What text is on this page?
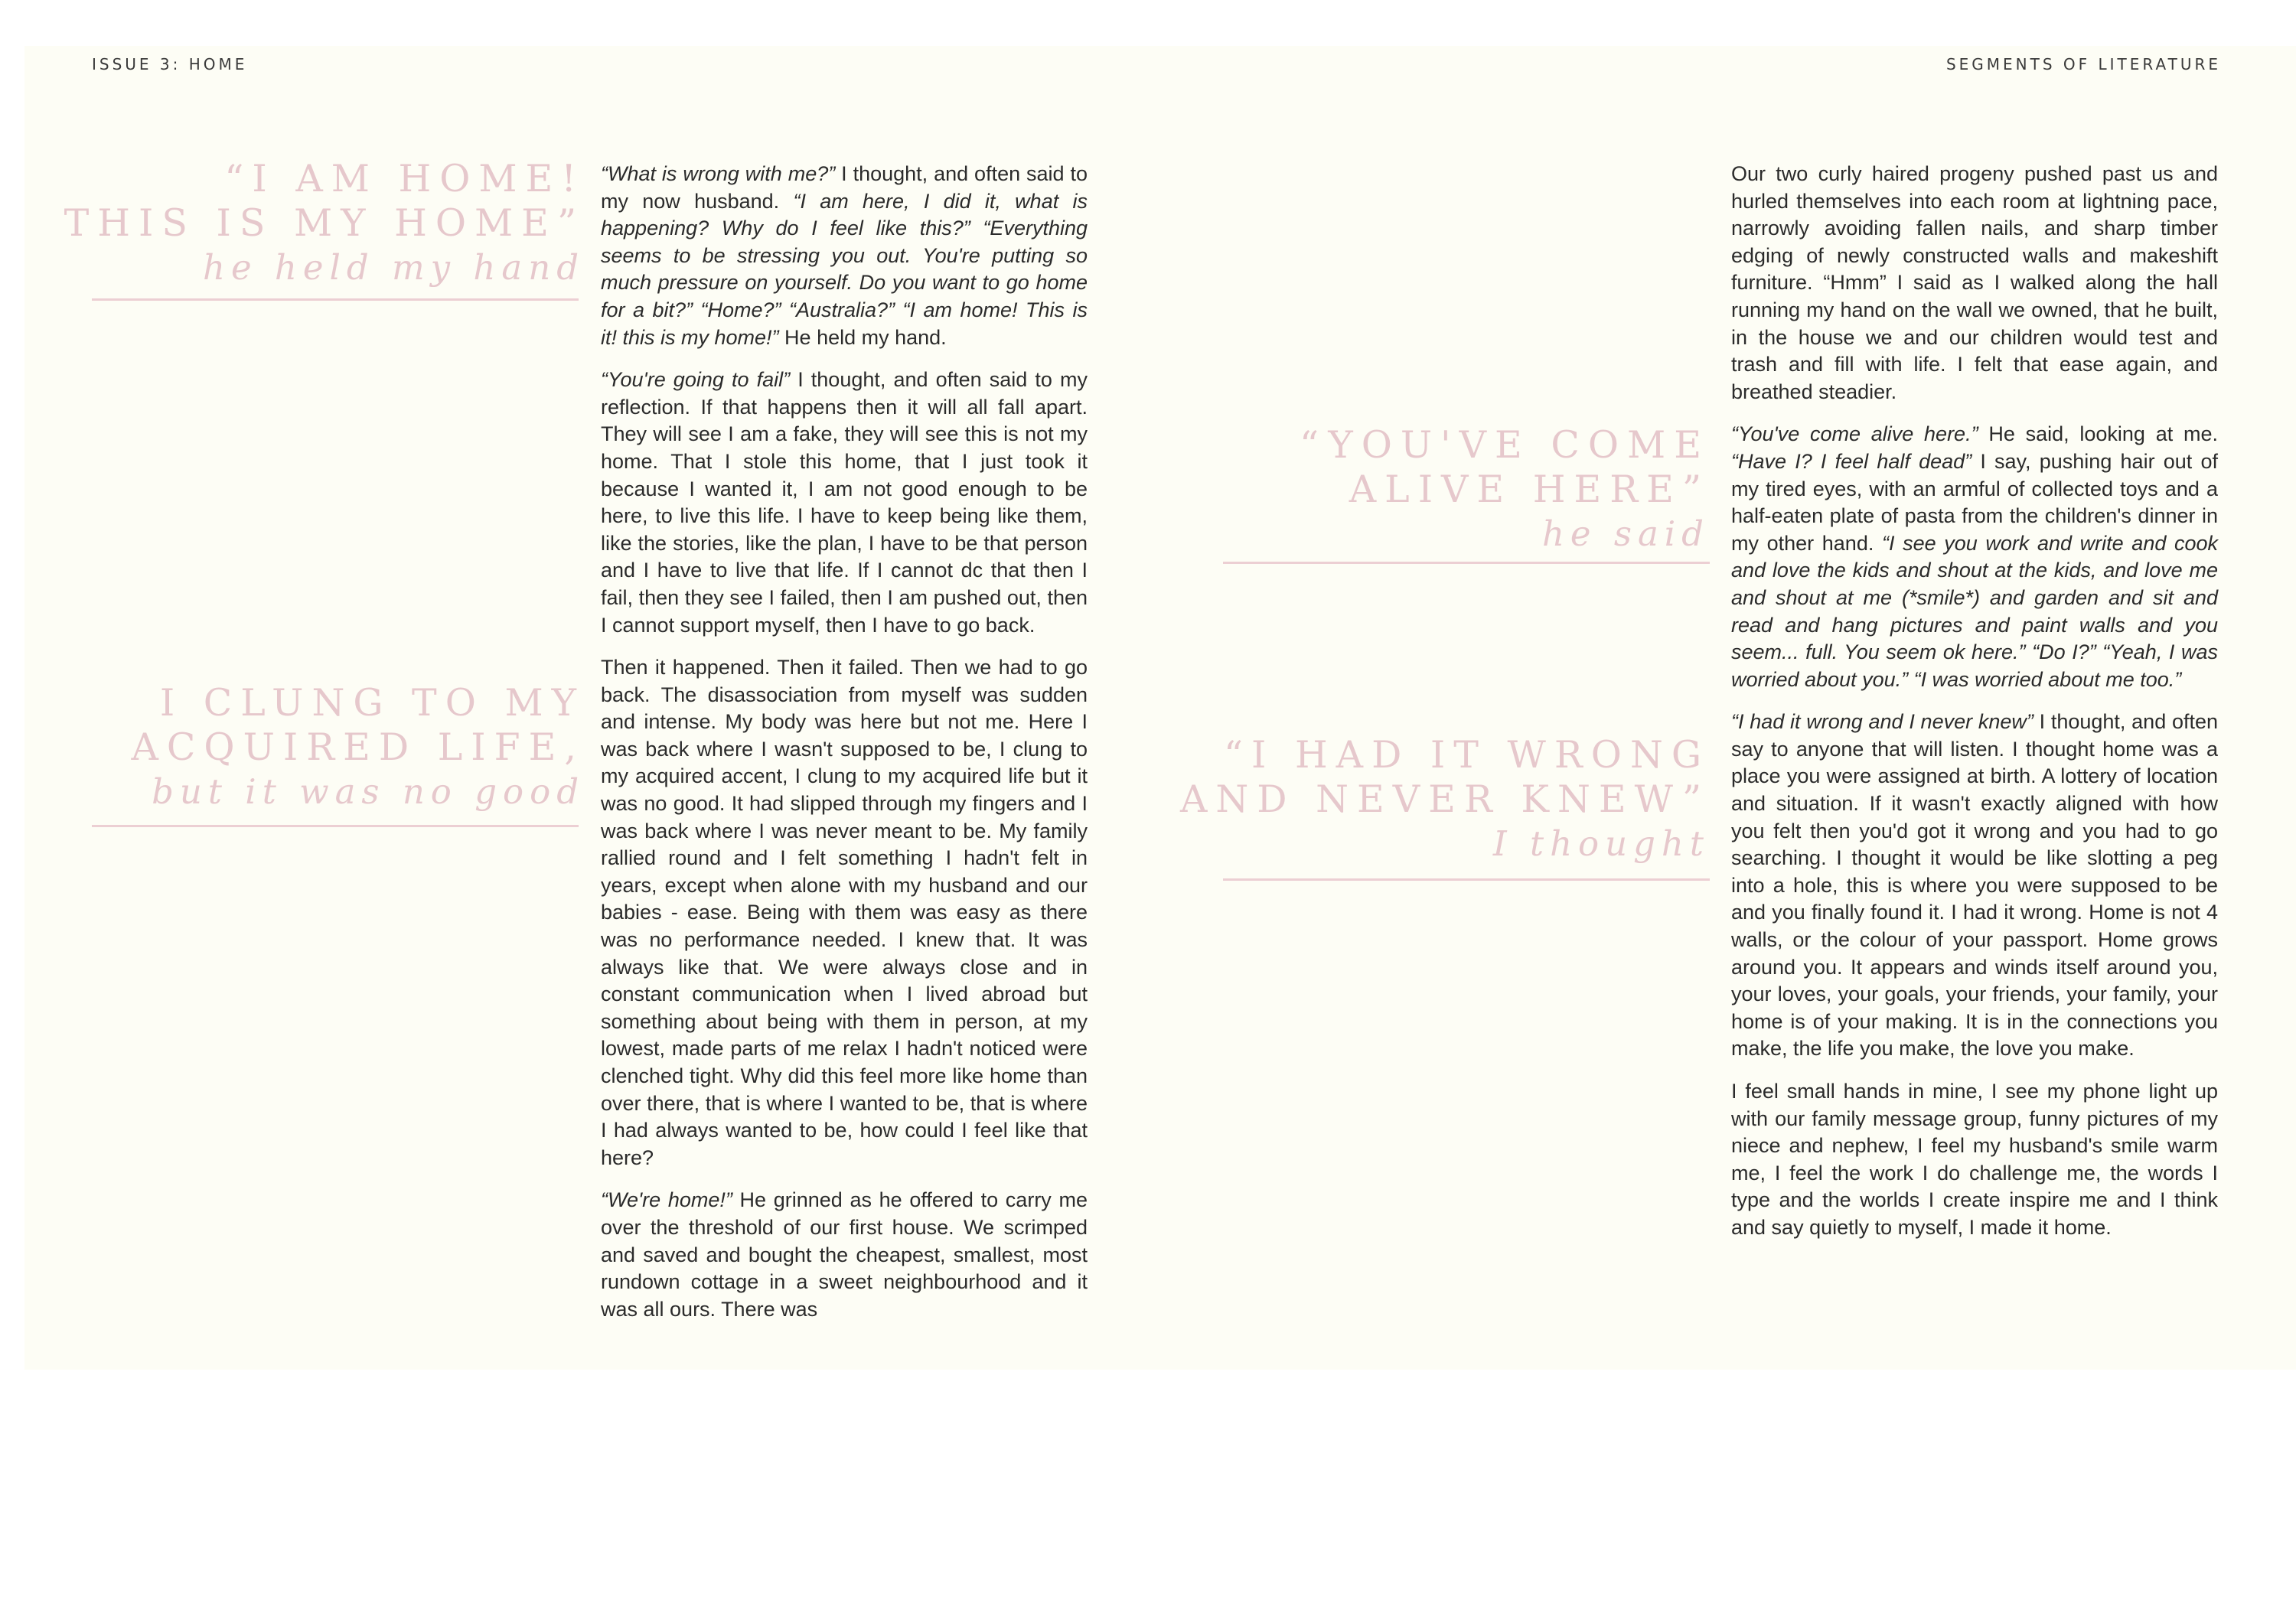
ISSUE 3: HOME	SEGMENTS OF LITERATURE
“I AM HOME!
THIS IS MY HOME”
he held my hand
I CLUNG TO MY
ACQUIRED LIFE,
but it was no good
“YOU'VE COME
ALIVE HERE”
he said
“I HAD IT WRONG
AND NEVER KNEW”
I thought

“What is wrong with me?” I thought, and often said to my now husband. “I am here, I did it, what is happening? Why do I feel like this?” “Everything seems to be stressing you out. You're putting so much pressure on yourself. Do you want to go home for a bit?” “Home?” “Australia?” “I am home! This is it! this is my home!” He held my hand.

“You're going to fail” I thought, and often said to my reflection. If that happens then it will all fall apart. They will see I am a fake, they will see this is not my home. That I stole this home, that I just took it because I wanted it, I am not good enough to be here, to live this life. I have to keep being like them, like the stories, like the plan, I have to be that person and I have to live that life. If I cannot dc that then I fail, then they see I failed, then I am pushed out, then I cannot support myself, then I have to go back.

Then it happened. Then it failed. Then we had to go back. The disassociation from myself was sudden and intense. My body was here but not me. Here I was back where I wasn't supposed to be, I clung to my acquired accent, I clung to my acquired life but it was no good. It had slipped through my fingers and I was back where I was never meant to be. My family rallied round and I felt something I hadn't felt in years, except when alone with my husband and our babies - ease. Being with them was easy as there was no performance needed. I knew that. It was always like that. We were always close and in constant communication when I lived abroad but something about being with them in person, at my lowest, made parts of me relax I hadn't noticed were clenched tight. Why did this feel more like home than over there, that is where I wanted to be, that is where I had always wanted to be, how could I feel like that here?

“We're home!” He grinned as he offered to carry me over the threshold of our first house. We scrimped and saved and bought the cheapest, smallest, most rundown cottage in a sweet neighbourhood and it was all ours. There was

Our two curly haired progeny pushed past us and hurled themselves into each room at lightning pace, narrowly avoiding fallen nails, and sharp timber edging of newly constructed walls and makeshift furniture. “Hmm” I said as I walked along the hall running my hand on the wall we owned, that he built, in the house we and our children would test and trash and fill with life. I felt that ease again, and breathed steadier.

“You've come alive here.” He said, looking at me. “Have I? I feel half dead” I say, pushing hair out of my tired eyes, with an armful of collected toys and a half-eaten plate of pasta from the children's dinner in my other hand. “I see you work and write and cook and love the kids and shout at the kids, and love me and shout at me (*smile*) and garden and sit and read and hang pictures and paint walls and you seem... full. You seem ok here.” “Do I?” “Yeah, I was worried about you.” “I was worried about me too.”

“I had it wrong and I never knew” I thought, and often say to anyone that will listen. I thought home was a place you were assigned at birth. A lottery of location and situation. If it wasn't exactly aligned with how you felt then you'd got it wrong and you had to go searching. I thought it would be like slotting a peg into a hole, this is where you were supposed to be and you finally found it. I had it wrong. Home is not 4 walls, or the colour of your passport. Home grows around you. It appears and winds itself around you, your loves, your goals, your friends, your family, your home is of your making. It is in the connections you make, the life you make, the love you make.

I feel small hands in mine, I see my phone light up with our family message group, funny pictures of my niece and nephew, I feel my husband's smile warm me, I feel the work I do challenge me, the words I type and the worlds I create inspire me and I think and say quietly to myself, I made it home.
